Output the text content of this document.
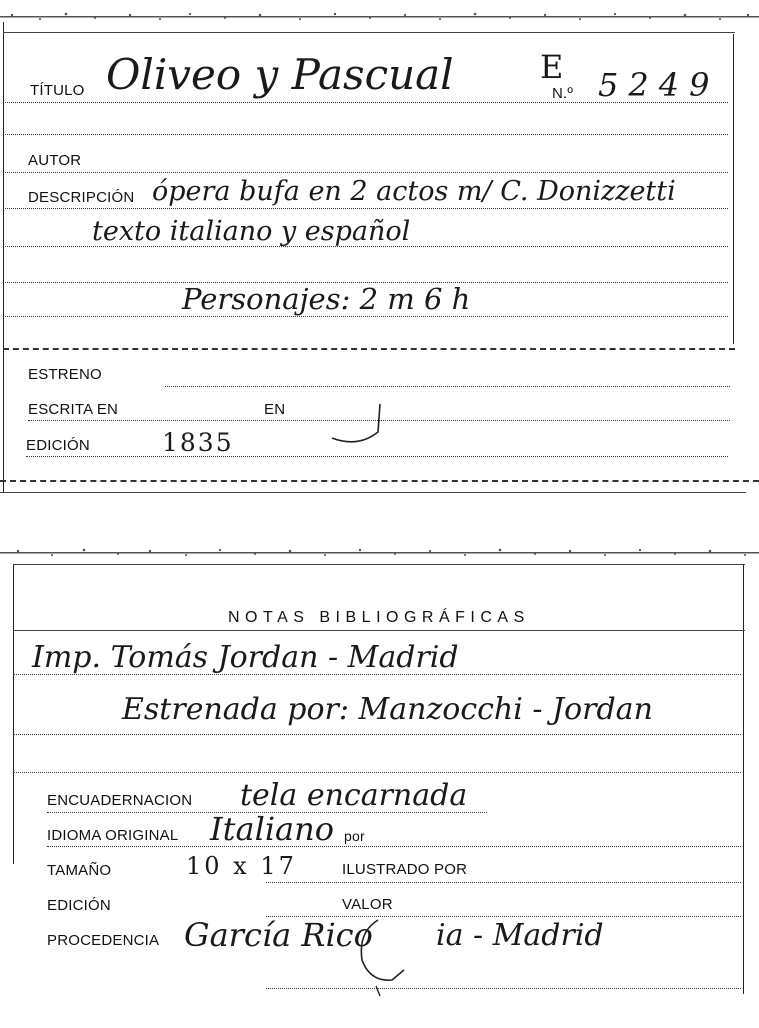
TÍTULO Oliveo y Pascual	E
N.º 5249
AUTOR
DESCRIPCIÓN ópera bufa en 2 actos m/ C. Donizzetti
texto italiano y español
Personajes: 2 m 6 h
ESTRENO
ESCRITA EN	EN
EDICIÓN	1835
NOTAS BIBLIOGRÁFICAS
Imp. Tomás Jordan - Madrid
Estrenada por: Manzocchi - Jordan
ENCUADERNACION tela encarnada
IDIOMA ORIGINAL Italiano por
TAMAÑO	10 x 17	ILUSTRADO POR
EDICIÓN	VALOR
PROCEDENCIA García Rico ia - Madrid
